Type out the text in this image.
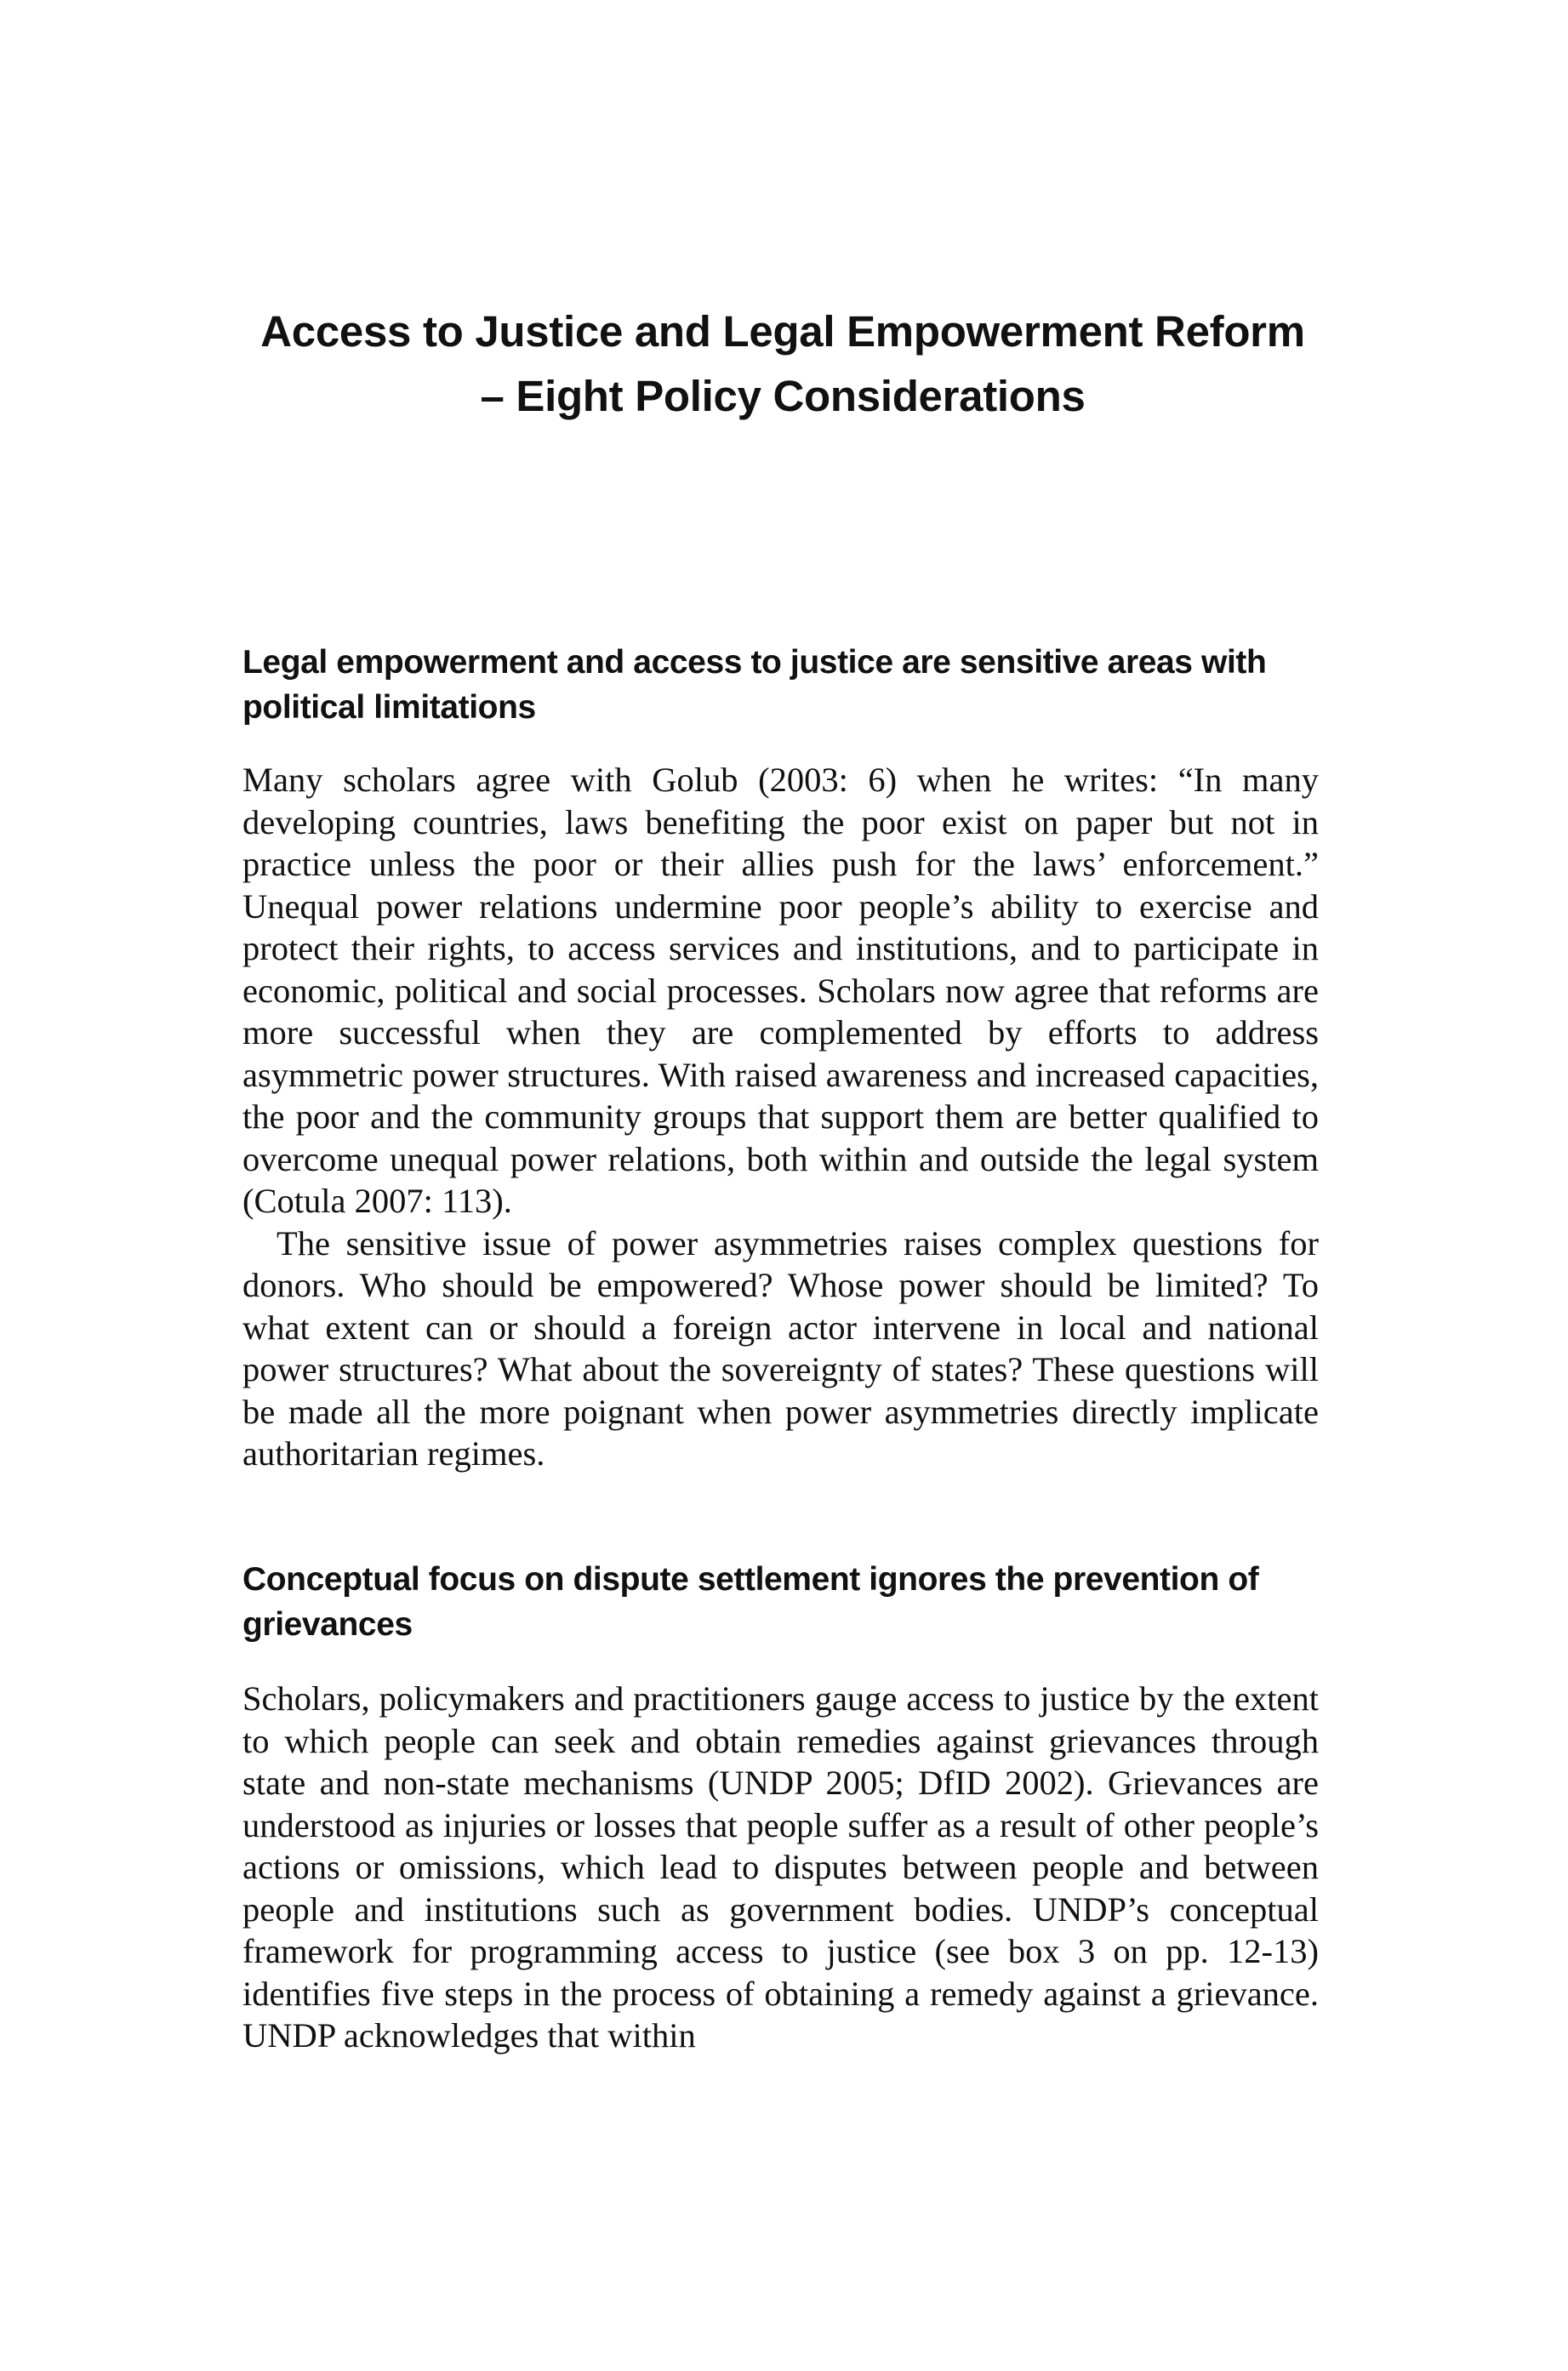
Access to Justice and Legal Empowerment Reform
– Eight Policy Considerations
Legal empowerment and access to justice are sensitive areas with political limitations

Many scholars agree with Golub (2003: 6) when he writes: “In many developing countries, laws benefiting the poor exist on paper but not in practice unless the poor or their allies push for the laws’ enforcement.” Unequal power relations undermine poor people’s ability to exercise and protect their rights, to access services and institutions, and to participate in economic, political and social processes. Scholars now agree that reforms are more successful when they are complemented by efforts to address asymmetric power structures. With raised awareness and increased capacities, the poor and the community groups that support them are better qualified to overcome unequal power relations, both within and outside the legal system (Cotula 2007: 113).

The sensitive issue of power asymmetries raises complex questions for donors. Who should be empowered? Whose power should be limited? To what extent can or should a foreign actor intervene in local and national power structures? What about the sovereignty of states? These questions will be made all the more poignant when power asymmetries directly implicate authoritarian regimes.

Conceptual focus on dispute settlement ignores the prevention of grievances

Scholars, policymakers and practitioners gauge access to justice by the extent to which people can seek and obtain remedies against grievances through state and non-state mechanisms (UNDP 2005; DfID 2002). Grievances are understood as injuries or losses that people suffer as a result of other people’s actions or omissions, which lead to disputes between people and between people and institutions such as government bodies. UNDP’s conceptual framework for programming access to justice (see box 3 on pp. 12-13) identifies five steps in the process of obtaining a remedy against a grievance. UNDP acknowledges that within
